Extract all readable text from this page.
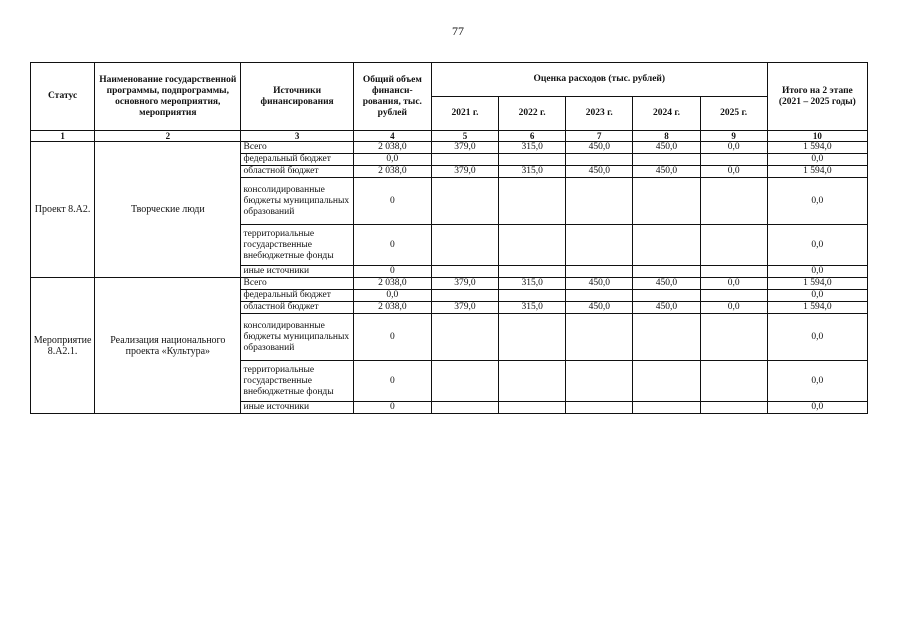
77
Статус	Наименование государственной программы, подпрограммы, основного мероприятия, мероприятия	Источники финансирования	Общий объем финанси-рования, тыс. рублей	Оценка расходов (тыс. рублей)					Итого на 2 этапе (2021 – 2025 годы)
				2021 г.	2022 г.	2023 г.	2024 г.	2025 г.	
1	2	3	4	5	6	7	8	9	10
Проект 8.А2.	Творческие люди	Всего	2 038,0	379,0	315,0	450,0	450,0	0,0	1 594,0
		федеральный бюджет	0,0						0,0
		областной бюджет	2 038,0	379,0	315,0	450,0	450,0	0,0	1 594,0
		консолидированные бюджеты муниципальных образований	0						0,0
		территориальные государственные внебюджетные фонды	0						0,0
		иные источники	0						0,0
Мероприятие 8.А2.1.	Реализация национального проекта «Культура»	Всего	2 038,0	379,0	315,0	450,0	450,0	0,0	1 594,0
		федеральный бюджет	0,0						0,0
		областной бюджет	2 038,0	379,0	315,0	450,0	450,0	0,0	1 594,0
		консолидированные бюджеты муниципальных образований	0						0,0
		территориальные государственные внебюджетные фонды	0						0,0
		иные источники	0						0,0
